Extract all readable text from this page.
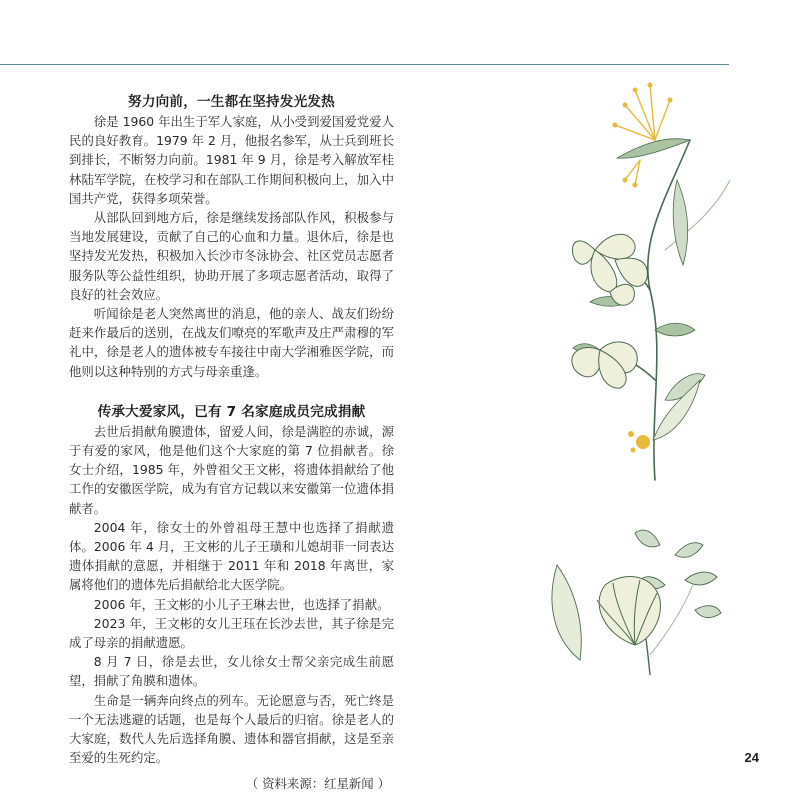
努力向前，一生都在坚持发光发热

徐是 1960 年出生于军人家庭，从小受到爱国爱党爱人民的良好教育。1979 年 2 月，他报名参军，从士兵到班长到排长，不断努力向前。1981 年 9 月，徐是考入解放军桂林陆军学院，在校学习和在部队工作期间积极向上，加入中国共产党，获得多项荣誉。

从部队回到地方后，徐是继续发扬部队作风，积极参与当地发展建设，贡献了自己的心血和力量。退休后，徐是也坚持发光发热，积极加入长沙市冬泳协会、社区党员志愿者服务队等公益性组织，协助开展了多项志愿者活动，取得了良好的社会效应。

听闻徐是老人突然离世的消息，他的亲人、战友们纷纷赶来作最后的送别，在战友们嘹亮的军歌声及庄严肃穆的军礼中，徐是老人的遗体被专车接往中南大学湘雅医学院，而他则以这种特别的方式与母亲重逢。

传承大爱家风，已有 7 名家庭成员完成捐献

去世后捐献角膜遗体，留爱人间，徐是满腔的赤诚，源于有爱的家风，他是他们这个大家庭的第 7 位捐献者。徐女士介绍，1985 年，外曾祖父王文彬，将遗体捐献给了他工作的安徽医学院，成为有官方记载以来安徽第一位遗体捐献者。

2004 年，徐女士的外曾祖母王慧中也选择了捐献遗体。2006 年 4 月，王文彬的儿子王璜和儿媳胡菲一同表达遗体捐献的意愿，并相继于 2011 年和 2018 年离世，家属将他们的遗体先后捐献给北大医学院。

2006 年，王文彬的小儿子王琳去世，也选择了捐献。

2023 年，王文彬的女儿王珏在长沙去世，其子徐是完成了母亲的捐献遗愿。

8 月 7 日，徐是去世，女儿徐女士帮父亲完成生前愿望，捐献了角膜和遗体。

生命是一辆奔向终点的列车。无论愿意与否，死亡终是一个无法逃避的话题，也是每个人最后的归宿。徐是老人的大家庭，数代人先后选择角膜、遗体和器官捐献，这是至亲至爱的生死约定。

（ 资料来源：红星新闻 ）

24
